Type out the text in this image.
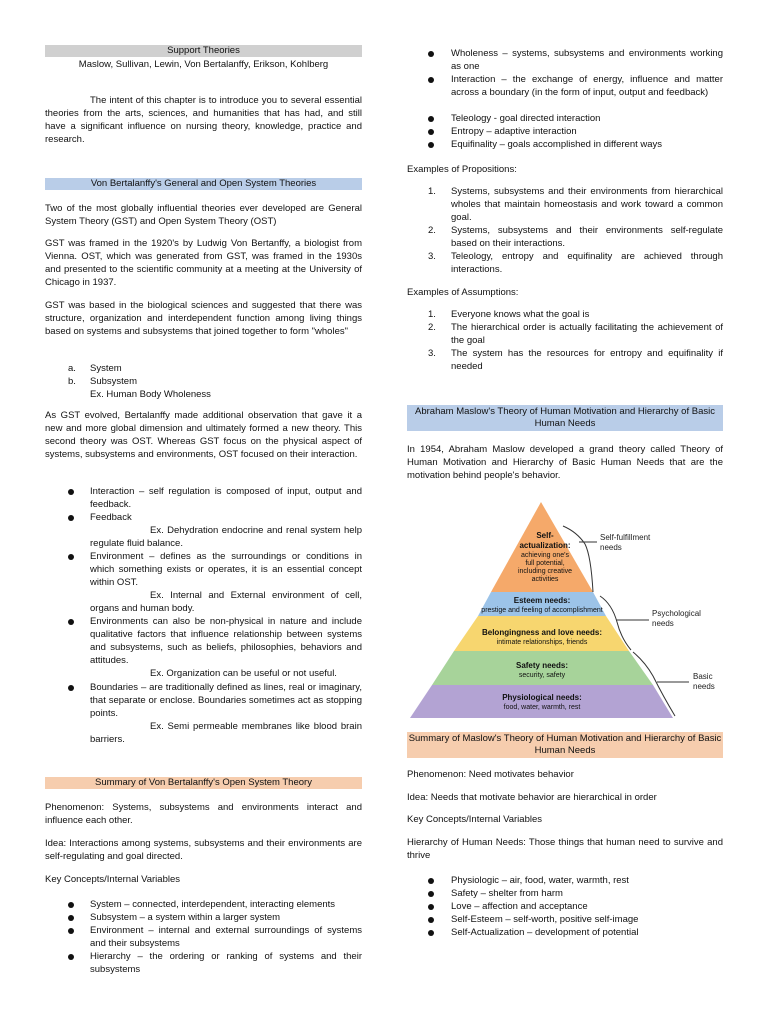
Support Theories

Maslow, Sullivan, Lewin, Von Bertalanffy, Erikson, Kohlberg

The intent of this chapter is to introduce you to several essential theories from the arts, sciences, and humanities that has had, and still have a significant influence on nursing theory, knowledge, practice and research.

Von Bertalanffy's General and Open System Theories

Two of the most globally influential theories ever developed are General System Theory (GST) and Open System Theory (OST)

GST was framed in the 1920's by Ludwig Von Bertanffy, a biologist from Vienna. OST, which was generated from GST, was framed in the 1930s and presented to the scientific community at a meeting at the University of Chicago in 1937.

GST was based in the biological sciences and suggested that there was structure, organization and interdependent function among living things based on systems and subsystems that joined together to form "wholes"

a. System
b. Subsystem
Ex. Human Body Wholeness

As GST evolved, Bertalanffy made additional observation that gave it a new and more global dimension and ultimately formed a new theory. This second theory was OST. Whereas GST focus on the physical aspect of systems, subsystems and environments, OST focused on their interaction.

Interaction – self regulation is composed of input, output and feedback.

Feedback

Ex. Dehydration endocrine and renal system help regulate fluid balance.

Environment – defines as the surroundings or conditions in which something exists or operates, it is an essential concept within OST.

Ex. Internal and External environment of cell, organs and human body.

Environments can also be non-physical in nature and include qualitative factors that influence relationship between systems and subsystems, such as beliefs, philosophies, behaviors and attitudes.

Ex. Organization can be useful or not useful.

Boundaries – are traditionally defined as lines, real or imaginary, that separate or enclose. Boundaries sometimes act as stopping points.

Ex. Semi permeable membranes like blood brain barriers.

Summary of Von Bertalanffy's Open System Theory

Phenomenon: Systems, subsystems and environments interact and influence each other.

Idea: Interactions among systems, subsystems and their environments are self-regulating and goal directed.

Key Concepts/Internal Variables

System – connected, interdependent, interacting elements

Subsystem – a system within a larger system

Environment – internal and external surroundings of systems and their subsystems

Hierarchy – the ordering or ranking of systems and their subsystems

Wholeness – systems, subsystems and environments working as one

Interaction – the exchange of energy, influence and matter across a boundary (in the form of input, output and feedback)

Teleology - goal directed interaction

Entropy – adaptive interaction

Equifinality – goals accomplished in different ways

Examples of Propositions:

1. Systems, subsystems and their environments from hierarchical wholes that maintain homeostasis and work toward a common goal.

2. Systems, subsystems and their environments self-regulate based on their interactions.

3. Teleology, entropy and equifinality are achieved through interactions.

Examples of Assumptions:

1. Everyone knows what the goal is

2. The hierarchical order is actually facilitating the achievement of the goal

3. The system has the resources for entropy and equifinality if needed

Abraham Maslow's Theory of Human Motivation and Hierarchy of Basic Human Needs

In 1954, Abraham Maslow developed a grand theory called Theory of Human Motivation and Hierarchy of Basic Human Needs that are the motivation behind people's behavior.

Self-
actualization:
achieving one's
full potential,
including creative
activities
Esteem needs:
prestige and feeling of accomplishment
Belongingness and love needs:
intimate relationships, friends
Safety needs:
security, safety
Physiological needs:
food, water, warmth, rest
Self-fulfillment
needs
Psychological
needs
Basic
needs
Summary of Maslow's Theory of Human Motivation and Hierarchy of Basic Human Needs

Phenomenon: Need motivates behavior

Idea: Needs that motivate behavior are hierarchical in order

Key Concepts/Internal Variables

Hierarchy of Human Needs: Those things that human need to survive and thrive

Physiologic – air, food, water, warmth, rest

Safety – shelter from harm

Love – affection and acceptance

Self-Esteem – self-worth, positive self-image

Self-Actualization – development of potential
